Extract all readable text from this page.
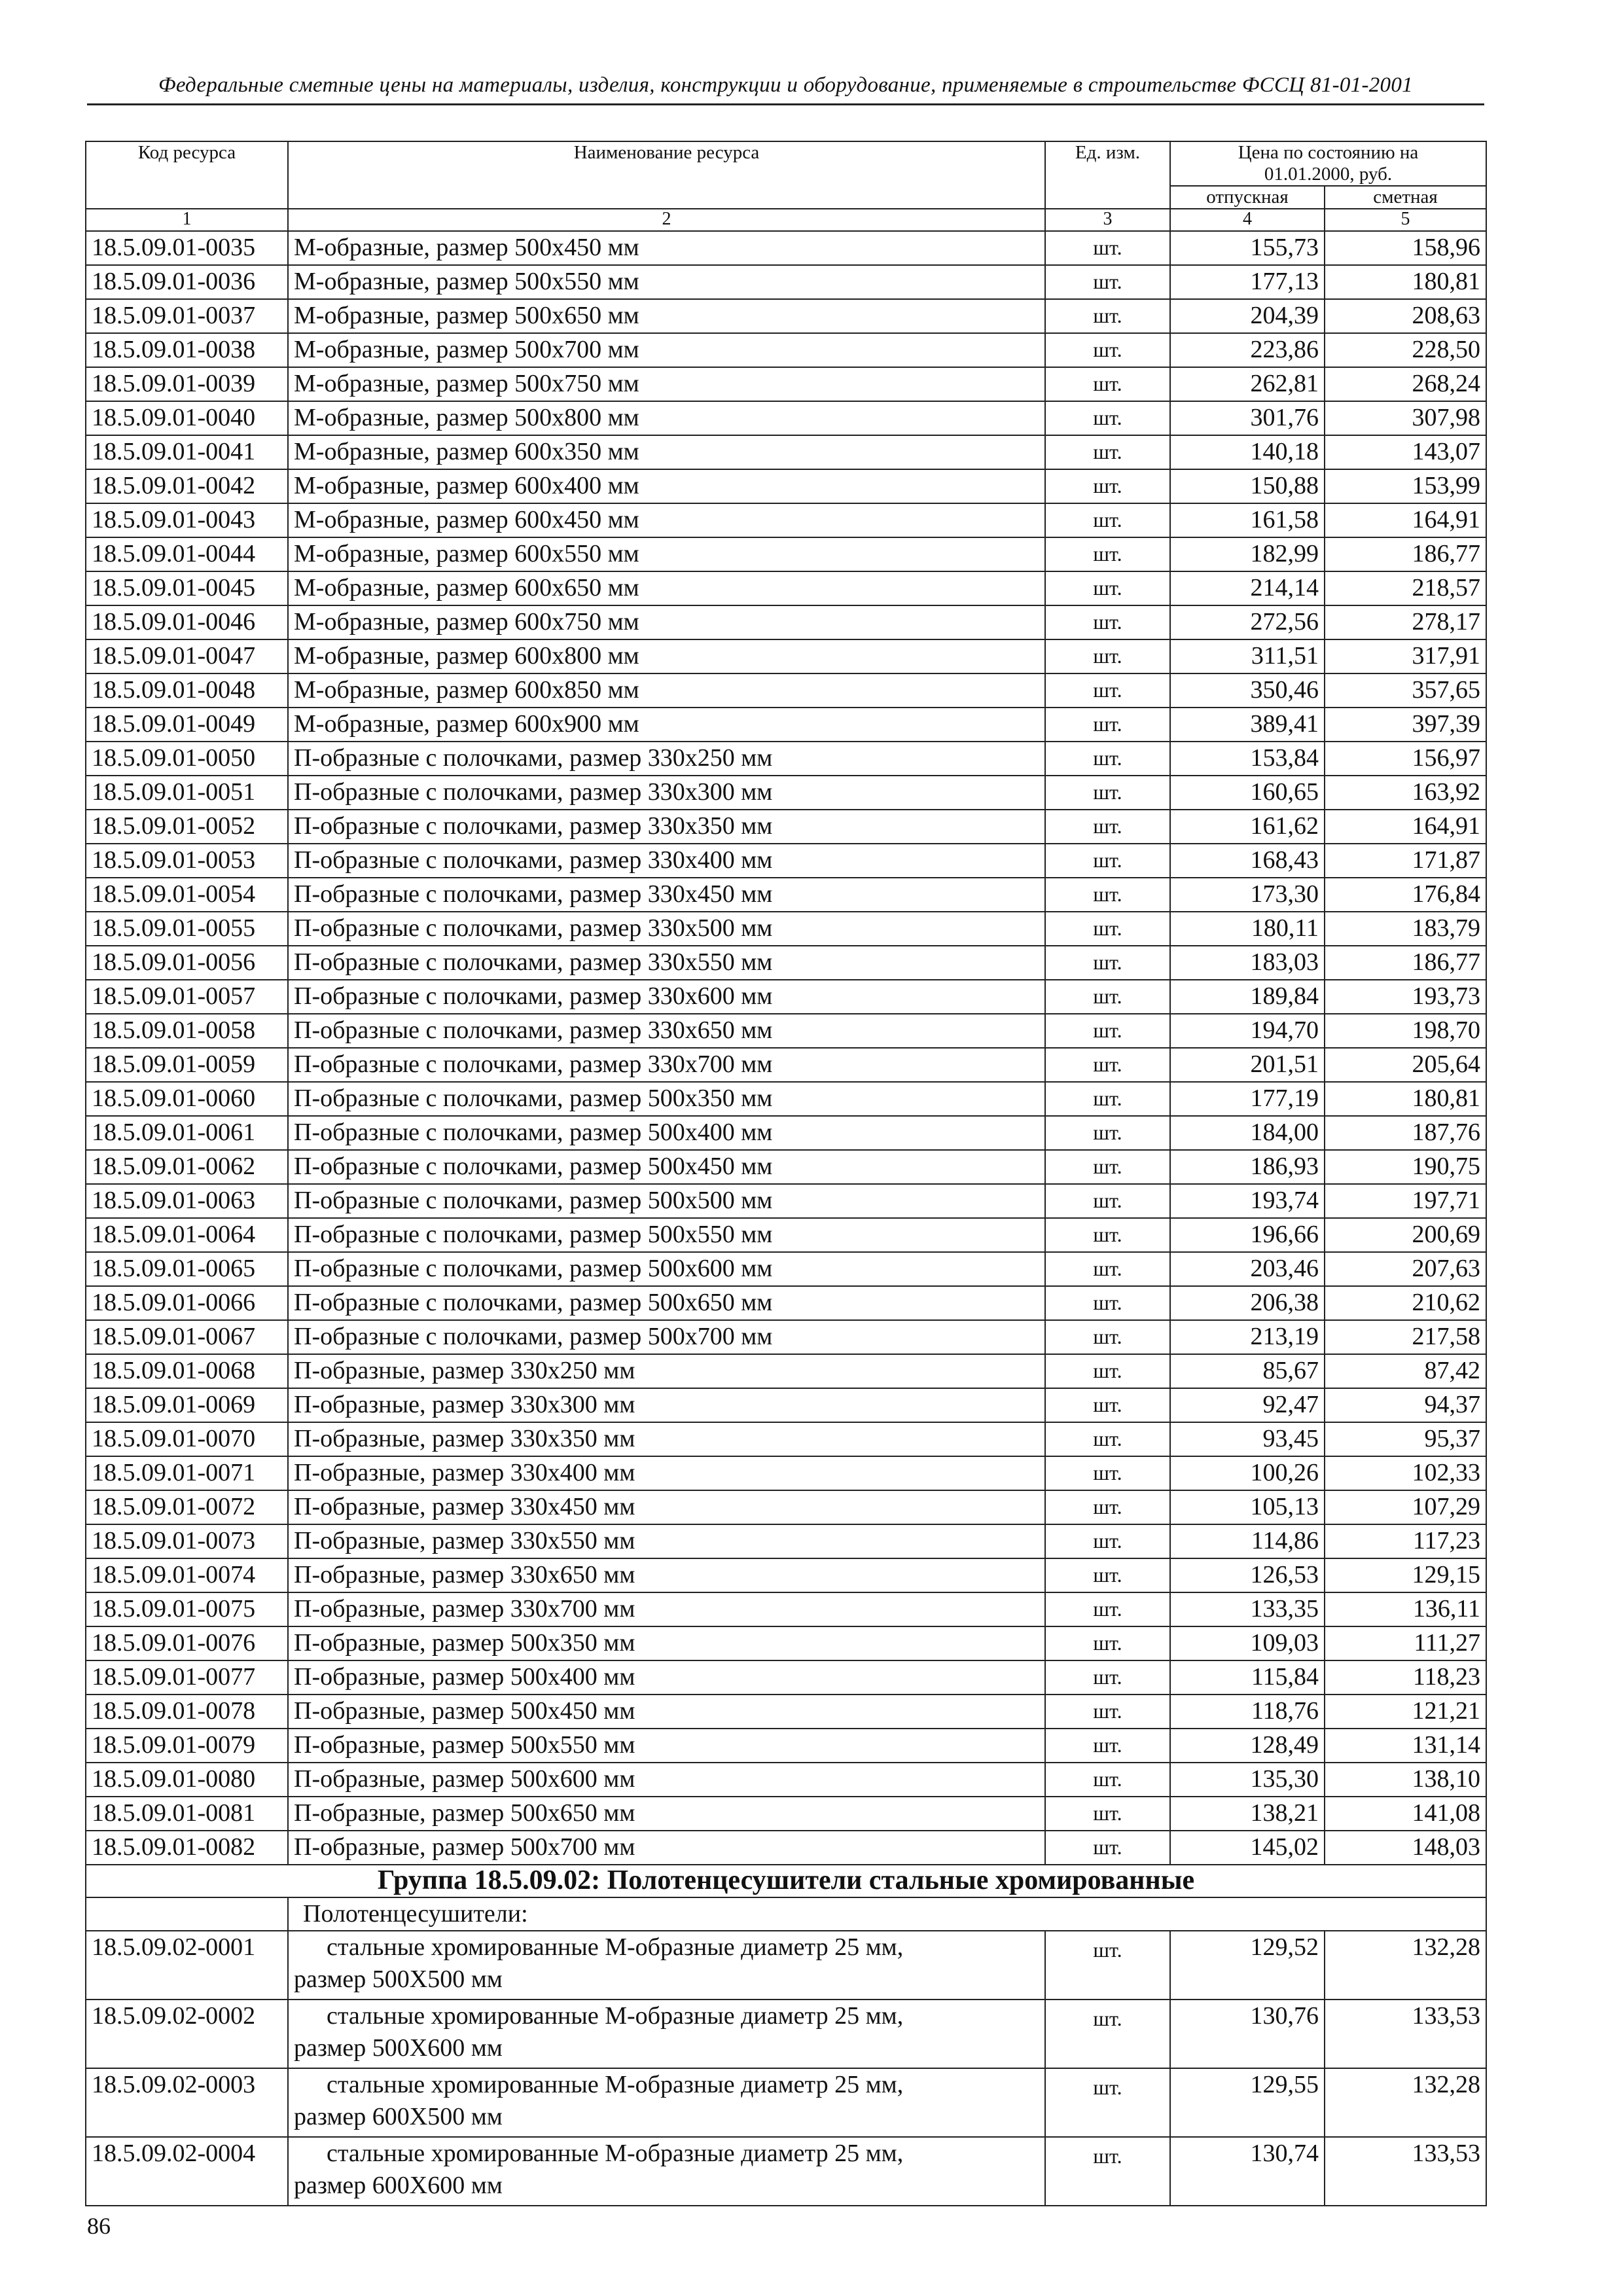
Федеральные сметные цены на материалы, изделия, конструкции и оборудование, применяемые в строительстве ФССЦ 81-01-2001
Код ресурса	Наименование ресурса	Ед. изм.	Цена по состоянию на
01.01.2000, руб.	
			отпускная	сметная
1	2	3	4	5
18.5.09.01-0035	М-образные, размер 500х450 мм	шт.	155,73	158,96
18.5.09.01-0036	М-образные, размер 500х550 мм	шт.	177,13	180,81
18.5.09.01-0037	М-образные, размер 500х650 мм	шт.	204,39	208,63
18.5.09.01-0038	М-образные, размер 500х700 мм	шт.	223,86	228,50
18.5.09.01-0039	М-образные, размер 500х750 мм	шт.	262,81	268,24
18.5.09.01-0040	М-образные, размер 500х800 мм	шт.	301,76	307,98
18.5.09.01-0041	М-образные, размер 600х350 мм	шт.	140,18	143,07
18.5.09.01-0042	М-образные, размер 600х400 мм	шт.	150,88	153,99
18.5.09.01-0043	М-образные, размер 600х450 мм	шт.	161,58	164,91
18.5.09.01-0044	М-образные, размер 600х550 мм	шт.	182,99	186,77
18.5.09.01-0045	М-образные, размер 600х650 мм	шт.	214,14	218,57
18.5.09.01-0046	М-образные, размер 600х750 мм	шт.	272,56	278,17
18.5.09.01-0047	М-образные, размер 600х800 мм	шт.	311,51	317,91
18.5.09.01-0048	М-образные, размер 600х850 мм	шт.	350,46	357,65
18.5.09.01-0049	М-образные, размер 600х900 мм	шт.	389,41	397,39
18.5.09.01-0050	П-образные с полочками, размер 330х250 мм	шт.	153,84	156,97
18.5.09.01-0051	П-образные с полочками, размер 330х300 мм	шт.	160,65	163,92
18.5.09.01-0052	П-образные с полочками, размер 330х350 мм	шт.	161,62	164,91
18.5.09.01-0053	П-образные с полочками, размер 330х400 мм	шт.	168,43	171,87
18.5.09.01-0054	П-образные с полочками, размер 330х450 мм	шт.	173,30	176,84
18.5.09.01-0055	П-образные с полочками, размер 330х500 мм	шт.	180,11	183,79
18.5.09.01-0056	П-образные с полочками, размер 330х550 мм	шт.	183,03	186,77
18.5.09.01-0057	П-образные с полочками, размер 330х600 мм	шт.	189,84	193,73
18.5.09.01-0058	П-образные с полочками, размер 330х650 мм	шт.	194,70	198,70
18.5.09.01-0059	П-образные с полочками, размер 330х700 мм	шт.	201,51	205,64
18.5.09.01-0060	П-образные с полочками, размер 500х350 мм	шт.	177,19	180,81
18.5.09.01-0061	П-образные с полочками, размер 500х400 мм	шт.	184,00	187,76
18.5.09.01-0062	П-образные с полочками, размер 500х450 мм	шт.	186,93	190,75
18.5.09.01-0063	П-образные с полочками, размер 500х500 мм	шт.	193,74	197,71
18.5.09.01-0064	П-образные с полочками, размер 500х550 мм	шт.	196,66	200,69
18.5.09.01-0065	П-образные с полочками, размер 500х600 мм	шт.	203,46	207,63
18.5.09.01-0066	П-образные с полочками, размер 500х650 мм	шт.	206,38	210,62
18.5.09.01-0067	П-образные с полочками, размер 500х700 мм	шт.	213,19	217,58
18.5.09.01-0068	П-образные, размер 330х250 мм	шт.	85,67	87,42
18.5.09.01-0069	П-образные, размер 330х300 мм	шт.	92,47	94,37
18.5.09.01-0070	П-образные, размер 330х350 мм	шт.	93,45	95,37
18.5.09.01-0071	П-образные, размер 330х400 мм	шт.	100,26	102,33
18.5.09.01-0072	П-образные, размер 330х450 мм	шт.	105,13	107,29
18.5.09.01-0073	П-образные, размер 330х550 мм	шт.	114,86	117,23
18.5.09.01-0074	П-образные, размер 330х650 мм	шт.	126,53	129,15
18.5.09.01-0075	П-образные, размер 330х700 мм	шт.	133,35	136,11
18.5.09.01-0076	П-образные, размер 500х350 мм	шт.	109,03	111,27
18.5.09.01-0077	П-образные, размер 500х400 мм	шт.	115,84	118,23
18.5.09.01-0078	П-образные, размер 500х450 мм	шт.	118,76	121,21
18.5.09.01-0079	П-образные, размер 500х550 мм	шт.	128,49	131,14
18.5.09.01-0080	П-образные, размер 500х600 мм	шт.	135,30	138,10
18.5.09.01-0081	П-образные, размер 500х650 мм	шт.	138,21	141,08
18.5.09.01-0082	П-образные, размер 500х700 мм	шт.	145,02	148,03
Группа 18.5.09.02: Полотенцесушители стальные хромированные				
	Полотенцесушители:			
18.5.09.02-0001	стальные хромированные М-образные диаметр 25 мм,
размер 500Х500 мм	шт.	129,52	132,28
18.5.09.02-0002	стальные хромированные М-образные диаметр 25 мм,
размер 500Х600 мм	шт.	130,76	133,53
18.5.09.02-0003	стальные хромированные М-образные диаметр 25 мм,
размер 600Х500 мм	шт.	129,55	132,28
18.5.09.02-0004	стальные хромированные М-образные диаметр 25 мм,
размер 600Х600 мм	шт.	130,74	133,53
86
